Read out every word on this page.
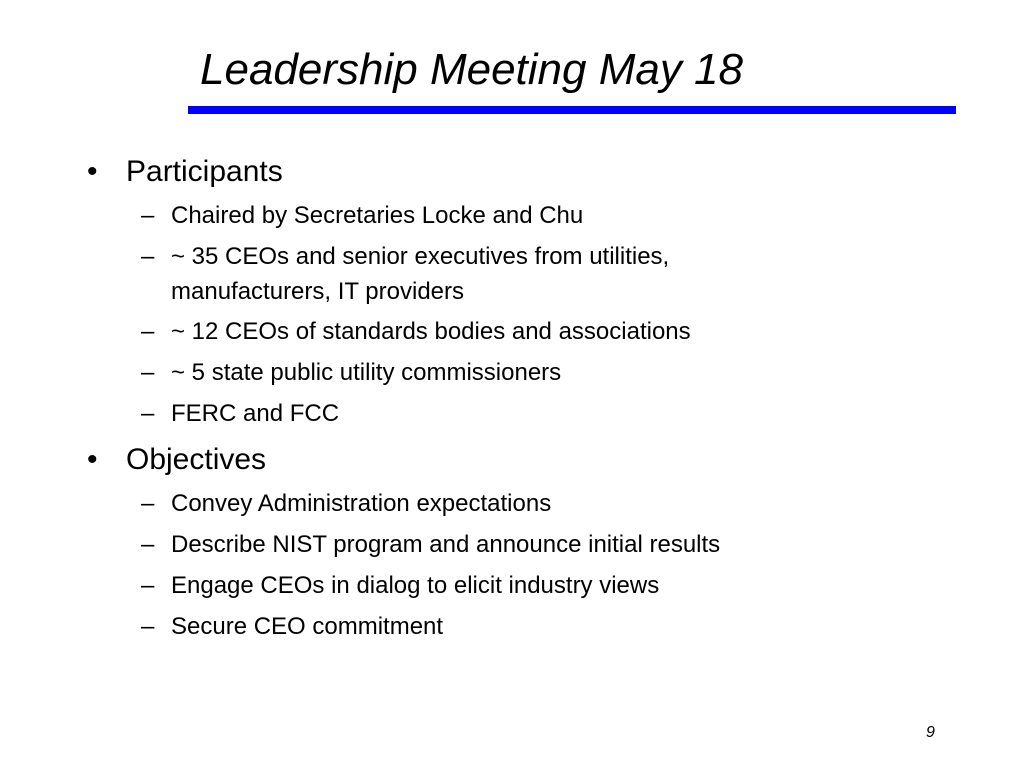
Leadership Meeting May 18
• Participants
– Chaired by Secretaries Locke and Chu
– ~ 35 CEOs and senior executives from utilities,
manufacturers, IT providers
– ~ 12 CEOs of standards bodies and associations
– ~ 5 state public utility commissioners
– FERC and FCC
• Objectives
– Convey Administration expectations
– Describe NIST program and announce initial results
– Engage CEOs in dialog to elicit industry views
– Secure CEO commitment
9
